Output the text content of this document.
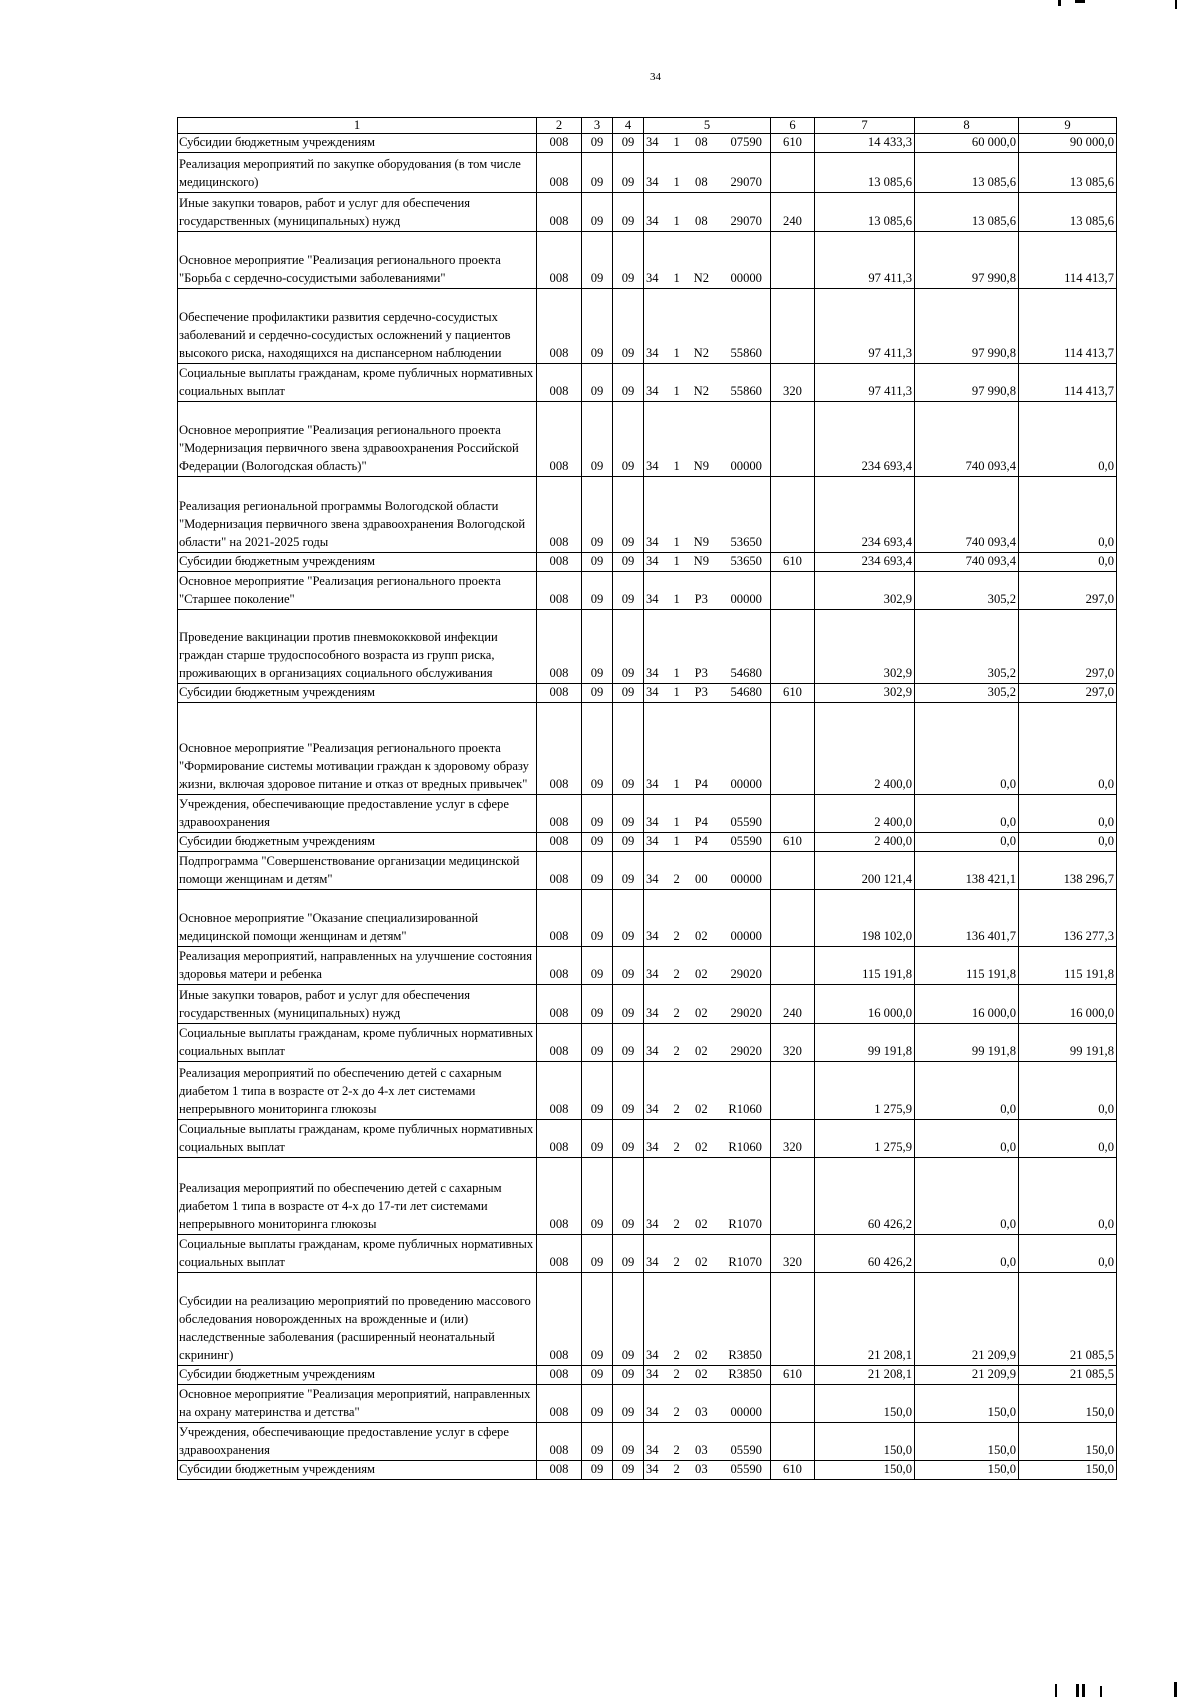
34
1	2	3	4	5	6	7	8	9
Субсидии бюджетным учреждениям	008	09	09	34 1 08 07590	610	14 433,3	60 000,0	90 000,0
Реализация мероприятий по закупке оборудования (в том числе медицинского)	008	09	09	34 1 08 29070		13 085,6	13 085,6	13 085,6
Иные закупки товаров, работ и услуг для обеспечения государственных (муниципальных) нужд	008	09	09	34 1 08 29070	240	13 085,6	13 085,6	13 085,6
Основное мероприятие "Реализация регионального проекта "Борьба с сердечно-сосудистыми заболеваниями"	008	09	09	34 1 N2 00000		97 411,3	97 990,8	114 413,7
Обеспечение профилактики развития сердечно-сосудистых заболеваний и сердечно-сосудистых осложнений у пациентов высокого риска, находящихся на диспансерном наблюдении	008	09	09	34 1 N2 55860		97 411,3	97 990,8	114 413,7
Социальные выплаты гражданам, кроме публичных нормативных социальных выплат	008	09	09	34 1 N2 55860	320	97 411,3	97 990,8	114 413,7
Основное мероприятие "Реализация регионального проекта "Модернизация первичного звена здравоохранения Российской Федерации (Вологодская область)"	008	09	09	34 1 N9 00000		234 693,4	740 093,4	0,0
Реализация региональной программы Вологодской области "Модернизация первичного звена здравоохранения Вологодской области" на 2021-2025 годы	008	09	09	34 1 N9 53650		234 693,4	740 093,4	0,0
Субсидии бюджетным учреждениям	008	09	09	34 1 N9 53650	610	234 693,4	740 093,4	0,0
Основное мероприятие "Реализация регионального проекта "Старшее поколение"	008	09	09	34 1 P3 00000		302,9	305,2	297,0
Проведение вакцинации против пневмококковой инфекции граждан старше трудоспособного возраста из групп риска, проживающих в организациях социального обслуживания	008	09	09	34 1 P3 54680		302,9	305,2	297,0
Субсидии бюджетным учреждениям	008	09	09	34 1 P3 54680	610	302,9	305,2	297,0
Основное мероприятие "Реализация регионального проекта "Формирование системы мотивации граждан к здоровому образу жизни, включая здоровое питание и отказ от вредных привычек"	008	09	09	34 1 P4 00000		2 400,0	0,0	0,0
Учреждения, обеспечивающие предоставление услуг в сфере здравоохранения	008	09	09	34 1 P4 05590		2 400,0	0,0	0,0
Субсидии бюджетным учреждениям	008	09	09	34 1 P4 05590	610	2 400,0	0,0	0,0
Подпрограмма "Совершенствование организации медицинской помощи женщинам и детям"	008	09	09	34 2 00 00000		200 121,4	138 421,1	138 296,7
Основное мероприятие "Оказание специализированной медицинской помощи женщинам и детям"	008	09	09	34 2 02 00000		198 102,0	136 401,7	136 277,3
Реализация мероприятий, направленных на улучшение состояния здоровья матери и ребенка	008	09	09	34 2 02 29020		115 191,8	115 191,8	115 191,8
Иные закупки товаров, работ и услуг для обеспечения государственных (муниципальных) нужд	008	09	09	34 2 02 29020	240	16 000,0	16 000,0	16 000,0
Социальные выплаты гражданам, кроме публичных нормативных социальных выплат	008	09	09	34 2 02 29020	320	99 191,8	99 191,8	99 191,8
Реализация мероприятий по обеспечению детей с сахарным диабетом 1 типа в возрасте от 2-х до 4-х лет системами непрерывного мониторинга глюкозы	008	09	09	34 2 02 R1060		1 275,9	0,0	0,0
Социальные выплаты гражданам, кроме публичных нормативных социальных выплат	008	09	09	34 2 02 R1060	320	1 275,9	0,0	0,0
Реализация мероприятий по обеспечению детей с сахарным диабетом 1 типа в возрасте от 4-х до 17-ти лет системами непрерывного мониторинга глюкозы	008	09	09	34 2 02 R1070		60 426,2	0,0	0,0
Социальные выплаты гражданам, кроме публичных нормативных социальных выплат	008	09	09	34 2 02 R1070	320	60 426,2	0,0	0,0
Субсидии на реализацию мероприятий по проведению массового обследования новорожденных на врожденные и (или) наследственные заболевания (расширенный неонатальный скрининг)	008	09	09	34 2 02 R3850		21 208,1	21 209,9	21 085,5
Субсидии бюджетным учреждениям	008	09	09	34 2 02 R3850	610	21 208,1	21 209,9	21 085,5
Основное мероприятие "Реализация мероприятий, направленных на охрану материнства и детства"	008	09	09	34 2 03 00000		150,0	150,0	150,0
Учреждения, обеспечивающие предоставление услуг в сфере здравоохранения	008	09	09	34 2 03 05590		150,0	150,0	150,0
Субсидии бюджетным учреждениям	008	09	09	34 2 03 05590	610	150,0	150,0	150,0
